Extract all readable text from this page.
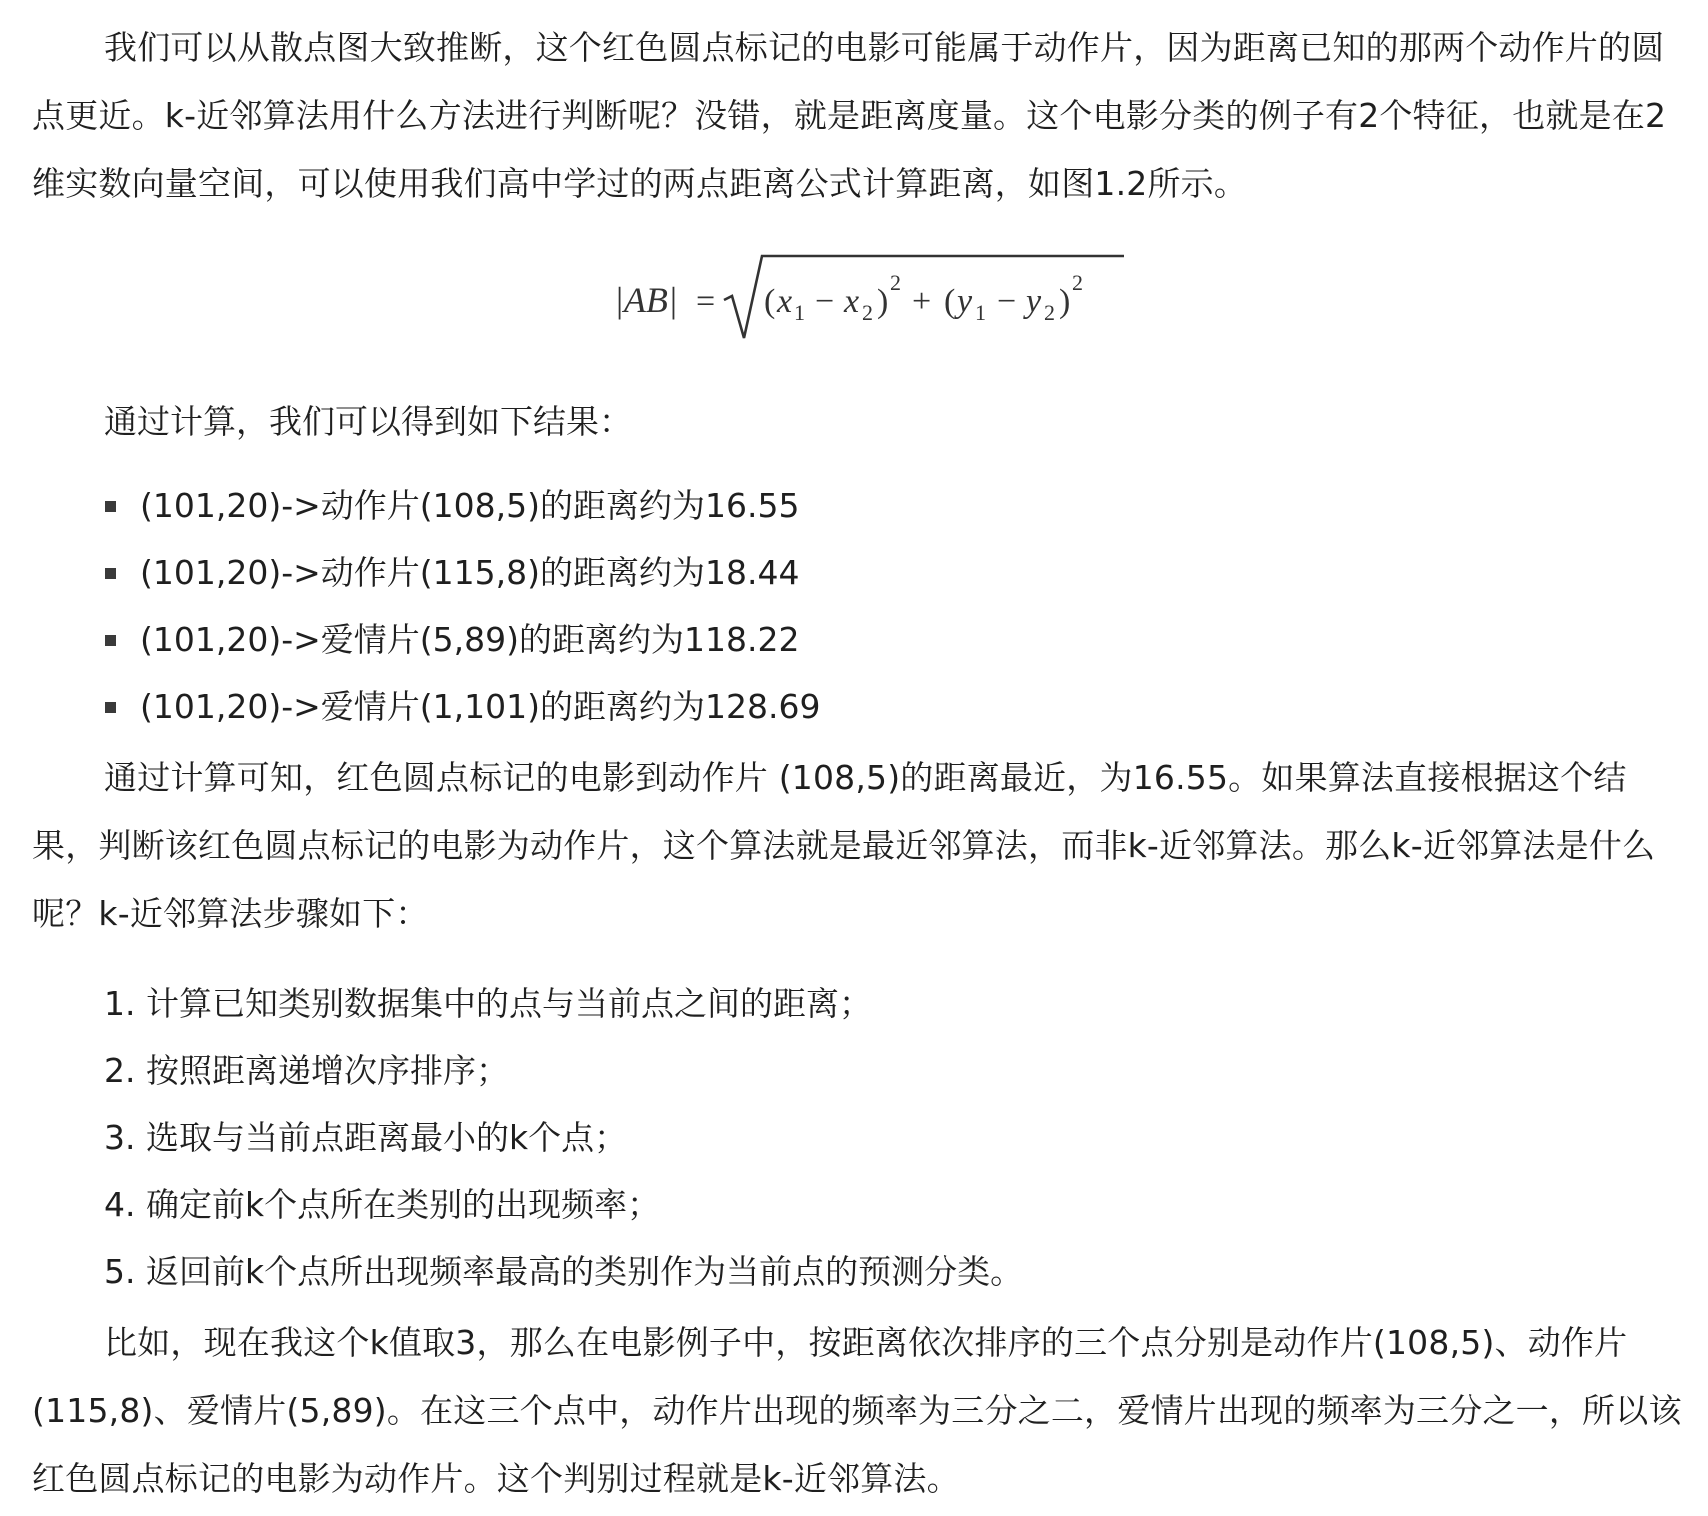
我们可以从散点图大致推断，这个红色圆点标记的电影可能属于动作片，因为距离已知的那两个动作片的圆点更近。k-近邻算法用什么方法进行判断呢？没错，就是距离度量。这个电影分类的例子有2个特征，也就是在2维实数向量空间，可以使用我们高中学过的两点距离公式计算距离，如图1.2所示。

|AB| = ( x 1 − x 2 )
2
+ ( y 1 − y 2 )
2

通过计算，我们可以得到如下结果：

(101,20)->动作片(108,5)的距离约为16.55
(101,20)->动作片(115,8)的距离约为18.44
(101,20)->爱情片(5,89)的距离约为118.22
(101,20)->爱情片(1,101)的距离约为128.69

通过计算可知，红色圆点标记的电影到动作片 (108,5)的距离最近，为16.55。如果算法直接根据这个结果，判断该红色圆点标记的电影为动作片，这个算法就是最近邻算法，而非k-近邻算法。那么k-近邻算法是什么呢？k-近邻算法步骤如下：

1. 计算已知类别数据集中的点与当前点之间的距离；
2. 按照距离递增次序排序；
3. 选取与当前点距离最小的k个点；
4. 确定前k个点所在类别的出现频率；
5. 返回前k个点所出现频率最高的类别作为当前点的预测分类。

比如，现在我这个k值取3，那么在电影例子中，按距离依次排序的三个点分别是动作片(108,5)、动作片(115,8)、爱情片(5,89)。在这三个点中，动作片出现的频率为三分之二，爱情片出现的频率为三分之一，所以该红色圆点标记的电影为动作片。这个判别过程就是k-近邻算法。
